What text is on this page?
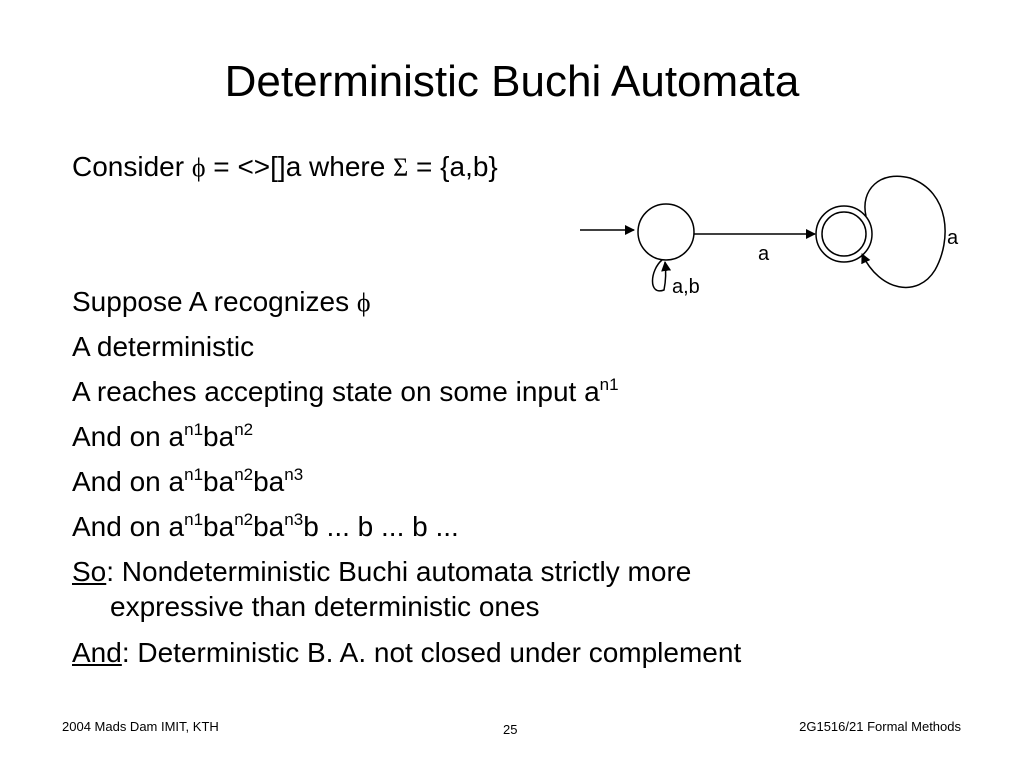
Deterministic Buchi Automata
Consider ϕ = <>[]a where Σ = {a,b}
a,b
a
a
Suppose A recognizes ϕ
A deterministic
A reaches accepting state on some input $a^{n1}$
And on $a^{n1}ba^{n2}$
And on $a^{n1}ba^{n2}ba^{n3}$
And on $a^{n1}ba^{n2}ba^{n3}b$ ... b ... b ...
So: Nondeterministic Buchi automata strictly more
expressive than deterministic ones
And: Deterministic B. A. not closed under complement
2004 Mads Dam IMIT, KTH	25	2G1516/21 Formal Methods
